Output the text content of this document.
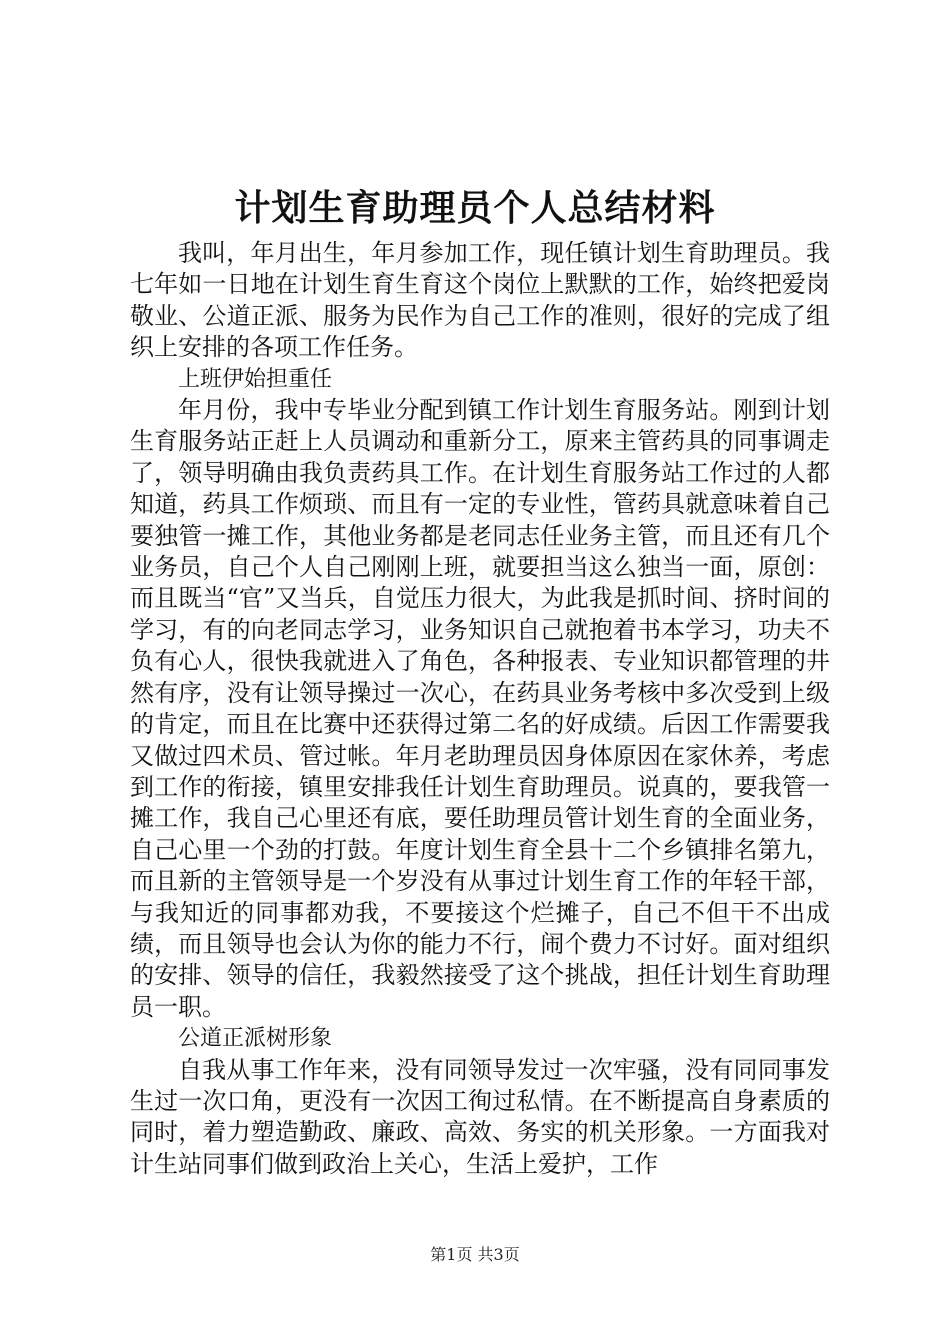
计划生育助理员个人总结材料

我叫，年月出生，年月参加工作，现任镇计划生育助理员。我七年如一日地在计划生育生育这个岗位上默默的工作，始终把爱岗敬业、公道正派、服务为民作为自己工作的准则，很好的完成了组织上安排的各项工作任务。

上班伊始担重任

年月份，我中专毕业分配到镇工作计划生育服务站。刚到计划生育服务站正赶上人员调动和重新分工，原来主管药具的同事调走了，领导明确由我负责药具工作。在计划生育服务站工作过的人都知道，药具工作烦琐、而且有一定的专业性，管药具就意味着自己要独管一摊工作，其他业务都是老同志任业务主管，而且还有几个业务员，自己个人自己刚刚上班，就要担当这么独当一面，原创：而且既当“官”又当兵，自觉压力很大，为此我是抓时间、挤时间的学习，有的向老同志学习，业务知识自己就抱着书本学习，功夫不负有心人，很快我就进入了角色，各种报表、专业知识都管理的井然有序，没有让领导操过一次心，在药具业务考核中多次受到上级的肯定，而且在比赛中还获得过第二名的好成绩。后因工作需要我又做过四术员、管过帐。年月老助理员因身体原因在家休养，考虑到工作的衔接，镇里安排我任计划生育助理员。说真的，要我管一摊工作，我自己心里还有底，要任助理员管计划生育的全面业务，自己心里一个劲的打鼓。年度计划生育全县十二个乡镇排名第九，而且新的主管领导是一个岁没有从事过计划生育工作的年轻干部，与我知近的同事都劝我，不要接这个烂摊子，自己不但干不出成绩，而且领导也会认为你的能力不行，闹个费力不讨好。面对组织的安排、领导的信任，我毅然接受了这个挑战，担任计划生育助理员一职。

公道正派树形象

自我从事工作年来，没有同领导发过一次牢骚，没有同同事发生过一次口角，更没有一次因工徇过私情。在不断提高自身素质的同时，着力塑造勤政、廉政、高效、务实的机关形象。一方面我对计生站同事们做到政治上关心，生活上爱护，工作

第1页 共3页
